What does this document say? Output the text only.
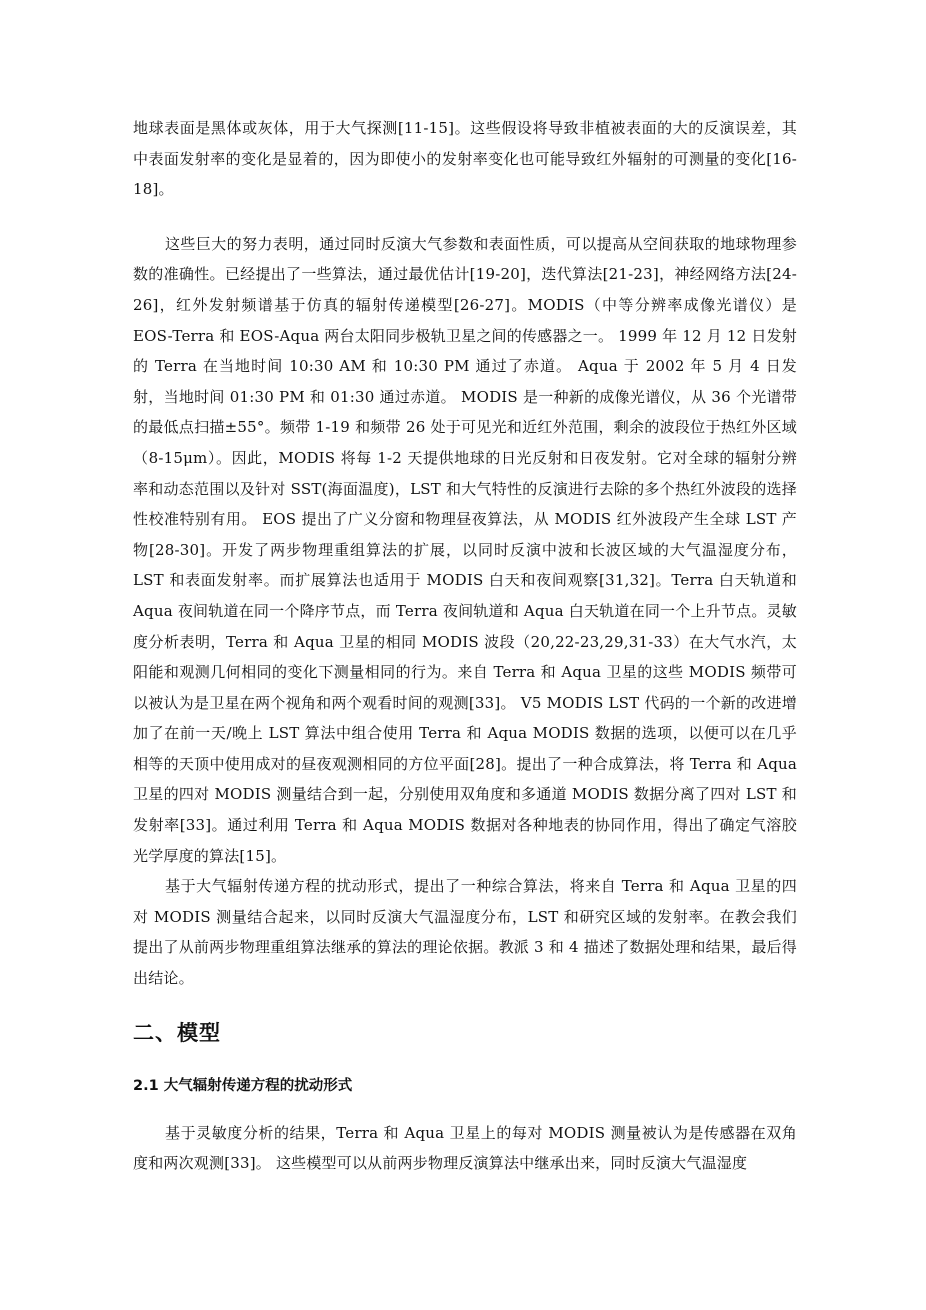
地球表面是黑体或灰体，用于大气探测[11-15]。这些假设将导致非植被表面的大的反演误差，其中表面发射率的变化是显着的，因为即使小的发射率变化也可能导致红外辐射的可测量的变化[16-18]。

这些巨大的努力表明，通过同时反演大气参数和表面性质，可以提高从空间获取的地球物理参数的准确性。已经提出了一些算法，通过最优估计[19-20]，迭代算法[21-23]，神经网络方法[24-26]，红外发射频谱基于仿真的辐射传递模型[26-27]。MODIS（中等分辨率成像光谱仪）是 EOS-Terra 和 EOS-Aqua 两台太阳同步极轨卫星之间的传感器之一。 1999 年 12 月 12 日发射的 Terra 在当地时间 10:30 AM 和 10:30 PM 通过了赤道。 Aqua 于 2002 年 5 月 4 日发射，当地时间 01:30 PM 和 01:30 通过赤道。 MODIS 是一种新的成像光谱仪，从 36 个光谱带的最低点扫描±55°。频带 1-19 和频带 26 处于可见光和近红外范围，剩余的波段位于热红外区域（8-15μm）。因此，MODIS 将每 1-2 天提供地球的日光反射和日夜发射。它对全球的辐射分辨率和动态范围以及针对 SST(海面温度)，LST 和大气特性的反演进行去除的多个热红外波段的选择性校准特别有用。 EOS 提出了广义分窗和物理昼夜算法，从 MODIS 红外波段产生全球 LST 产物[28-30]。开发了两步物理重组算法的扩展，以同时反演中波和长波区域的大气温湿度分布，LST 和表面发射率。而扩展算法也适用于 MODIS 白天和夜间观察[31,32]。Terra 白天轨道和 Aqua 夜间轨道在同一个降序节点，而 Terra 夜间轨道和 Aqua 白天轨道在同一个上升节点。灵敏度分析表明，Terra 和 Aqua 卫星的相同 MODIS 波段（20,22-23,29,31-33）在大气水汽，太阳能和观测几何相同的变化下测量相同的行为。来自 Terra 和 Aqua 卫星的这些 MODIS 频带可以被认为是卫星在两个视角和两个观看时间的观测[33]。 V5 MODIS LST 代码的一个新的改进增加了在前一天/晚上 LST 算法中组合使用 Terra 和 Aqua MODIS 数据的选项，以便可以在几乎相等的天顶中使用成对的昼夜观测相同的方位平面[28]。提出了一种合成算法，将 Terra 和 Aqua 卫星的四对 MODIS 测量结合到一起，分别使用双角度和多通道 MODIS 数据分离了四对 LST 和发射率[33]。通过利用 Terra 和 Aqua MODIS 数据对各种地表的协同作用，得出了确定气溶胶光学厚度的算法[15]。

基于大气辐射传递方程的扰动形式，提出了一种综合算法，将来自 Terra 和 Aqua 卫星的四对 MODIS 测量结合起来，以同时反演大气温湿度分布，LST 和研究区域的发射率。在教会我们提出了从前两步物理重组算法继承的算法的理论依据。教派 3 和 4 描述了数据处理和结果，最后得出结论。

二、模型
2.1 大气辐射传递方程的扰动形式

基于灵敏度分析的结果，Terra 和 Aqua 卫星上的每对 MODIS 测量被认为是传感器在双角度和两次观测[33]。 这些模型可以从前两步物理反演算法中继承出来，同时反演大气温湿度
